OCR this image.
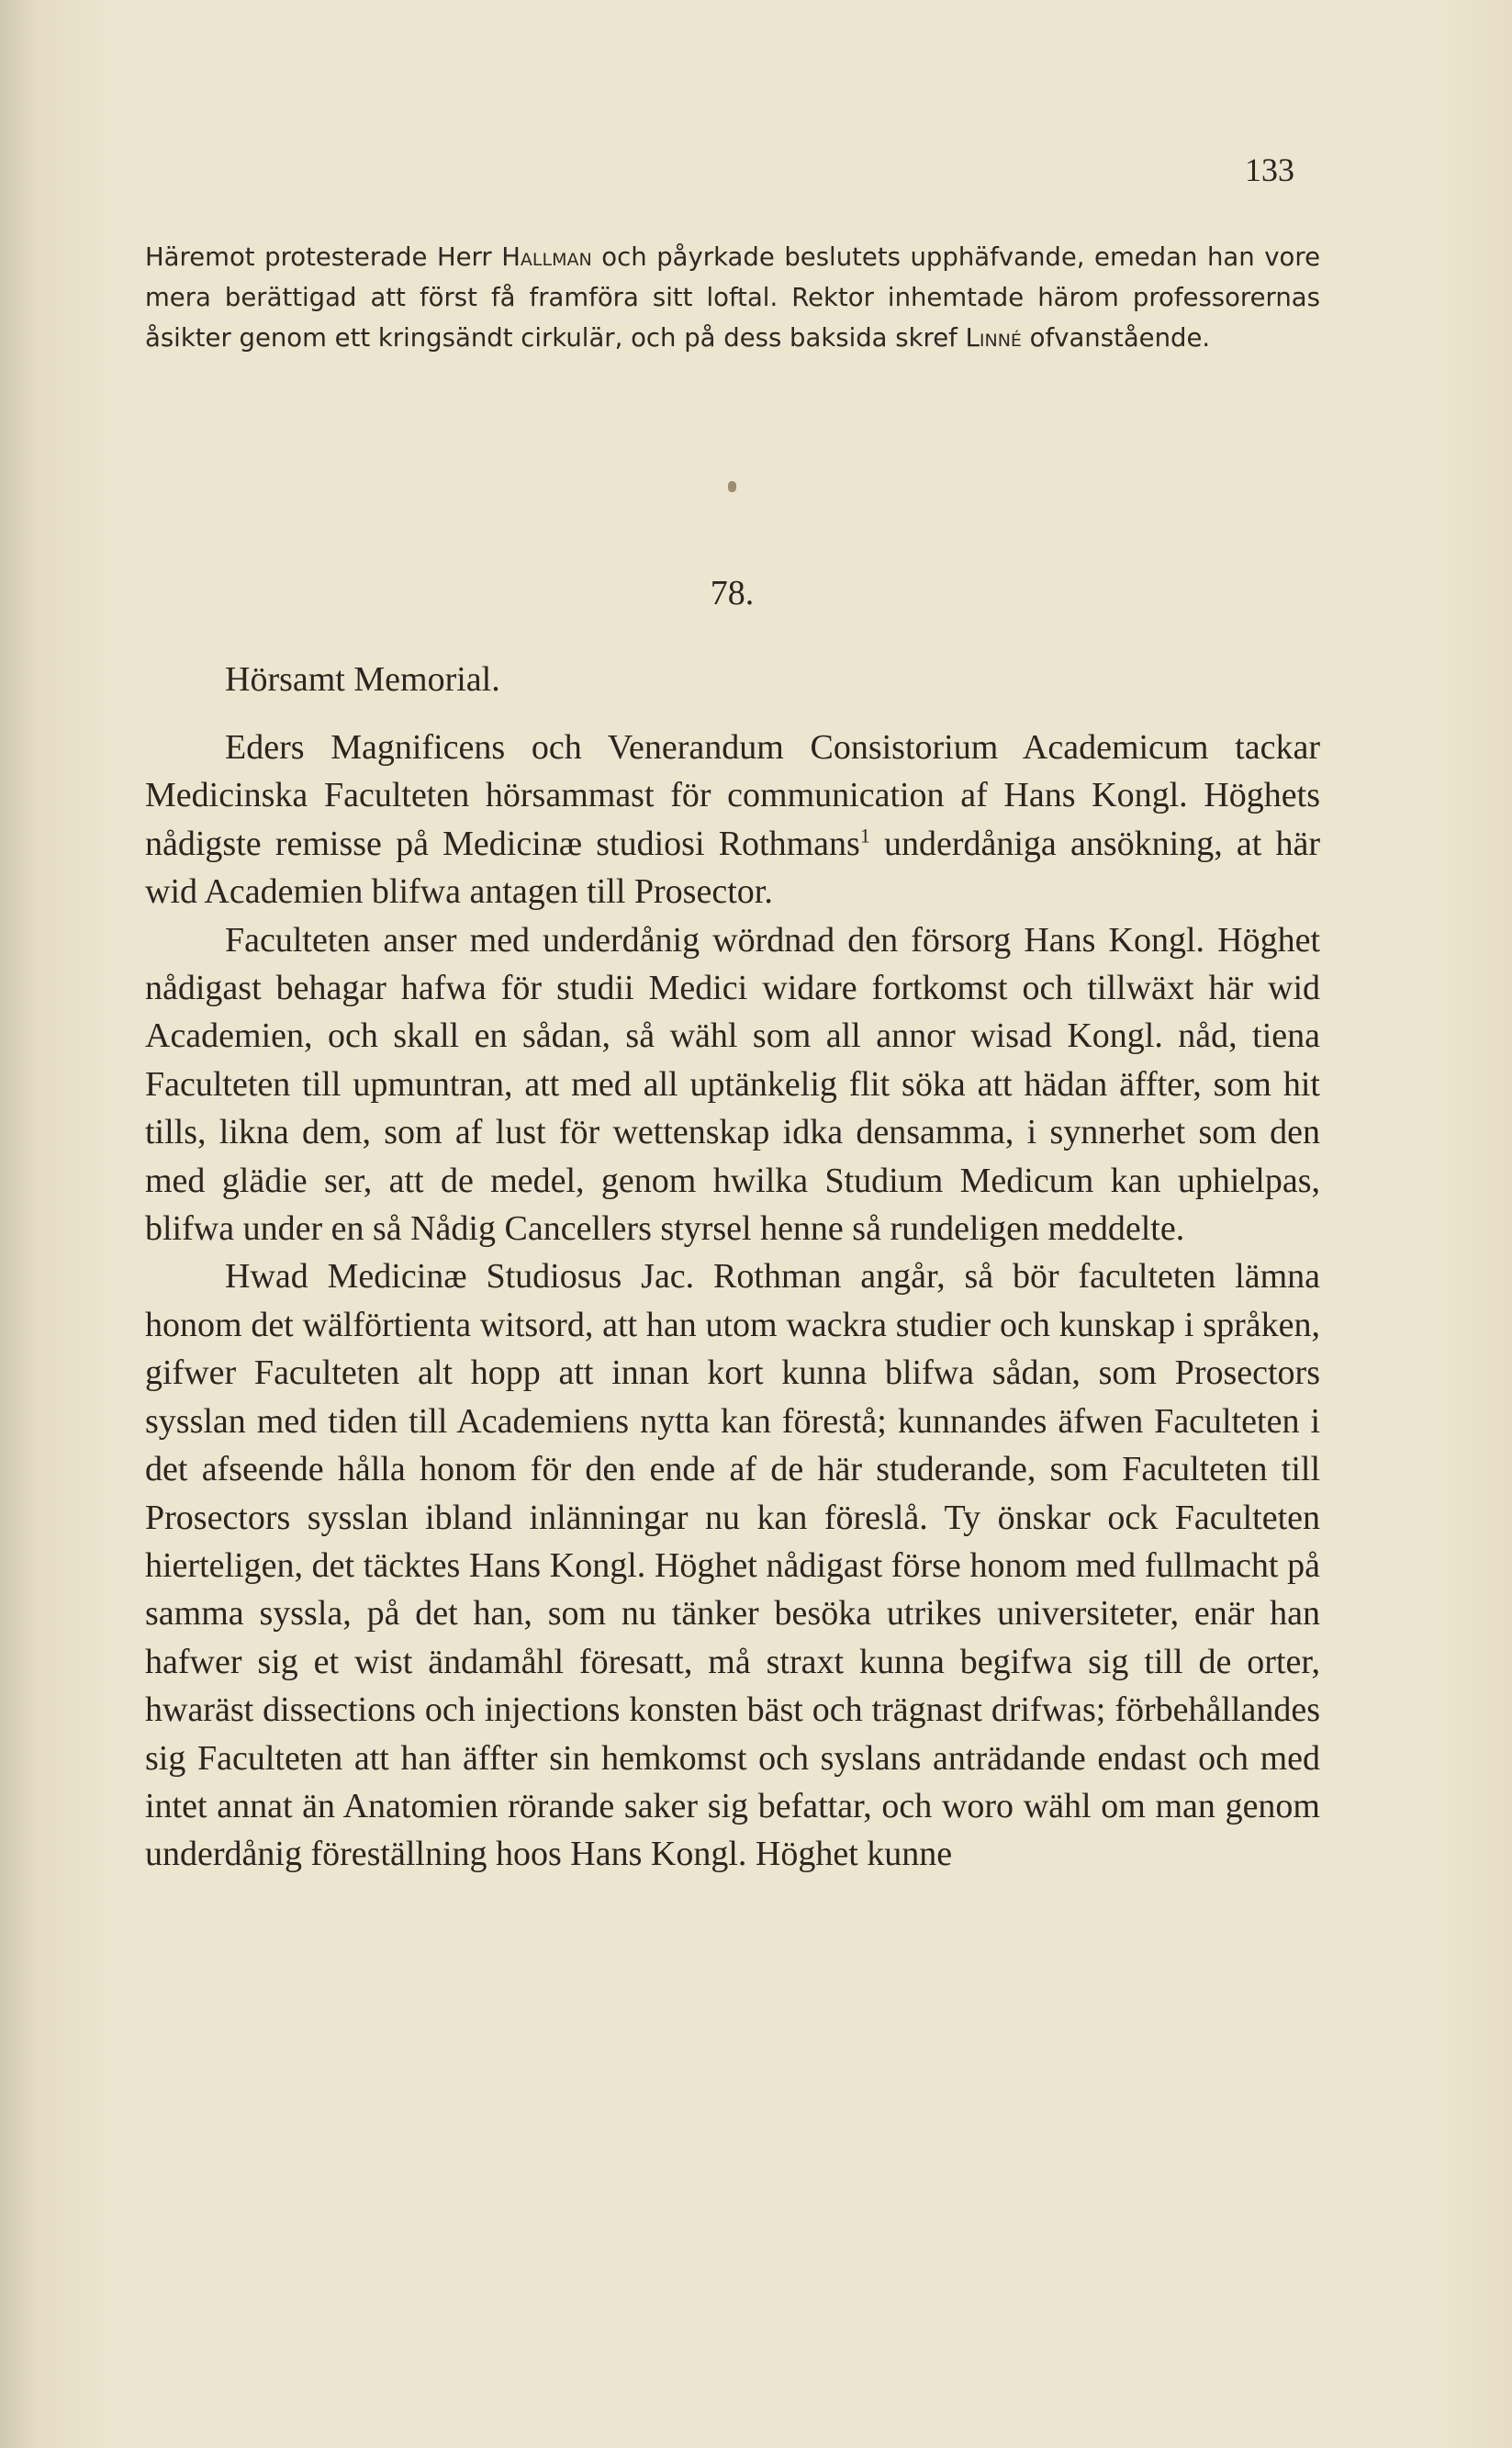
133

Häremot protesterade Herr Hallman och påyrkade beslutets upphäfvande, emedan han vore mera berättigad att först få framföra sitt loftal. Rektor inhemtade härom professorernas åsikter genom ett kringsändt cirkulär, och på dess baksida skref Linné ofvanstående.

78.
Hörsamt Memorial.

Eders Magnificens och Venerandum Consistorium Academicum tackar Medicinska Faculteten hörsammast för communication af Hans Kongl. Höghets nådigste remisse på Medicinæ studiosi Rothmans$^1$ underdåniga ansökning, at här wid Academien blifwa antagen till Prosector.

Faculteten anser med underdånig wördnad den försorg Hans Kongl. Höghet nådigast behagar hafwa för studii Medici widare fortkomst och tillwäxt här wid Academien, och skall en sådan, så wähl som all annor wisad Kongl. nåd, tiena Faculteten till upmuntran, att med all uptänkelig flit söka att hädan äffter, som hit tills, likna dem, som af lust för wettenskap idka densamma, i synnerhet som den med glädie ser, att de medel, genom hwilka Studium Medicum kan uphielpas, blifwa under en så Nådig Cancellers styrsel henne så rundeligen meddelte.

Hwad Medicinæ Studiosus Jac. Rothman angår, så bör faculteten lämna honom det wälförtienta witsord, att han utom wackra studier och kunskap i språken, gifwer Faculteten alt hopp att innan kort kunna blifwa sådan, som Prosectors sysslan med tiden till Academiens nytta kan förestå; kunnandes äfwen Faculteten i det afseende hålla honom för den ende af de här studerande, som Faculteten till Prosectors sysslan ibland inlänningar nu kan föreslå. Ty önskar ock Faculteten hierteligen, det täcktes Hans Kongl. Höghet nådigast förse honom med fullmacht på samma syssla, på det han, som nu tänker besöka utrikes universiteter, enär han hafwer sig et wist ändamåhl föresatt, må straxt kunna begifwa sig till de orter, hwaräst dissections och injections konsten bäst och trägnast drifwas; förbehållandes sig Faculteten att han äffter sin hemkomst och syslans anträdande endast och med intet annat än Anatomien rörande saker sig befattar, och woro wähl om man genom underdånig föreställning hoos Hans Kongl. Höghet kunne
